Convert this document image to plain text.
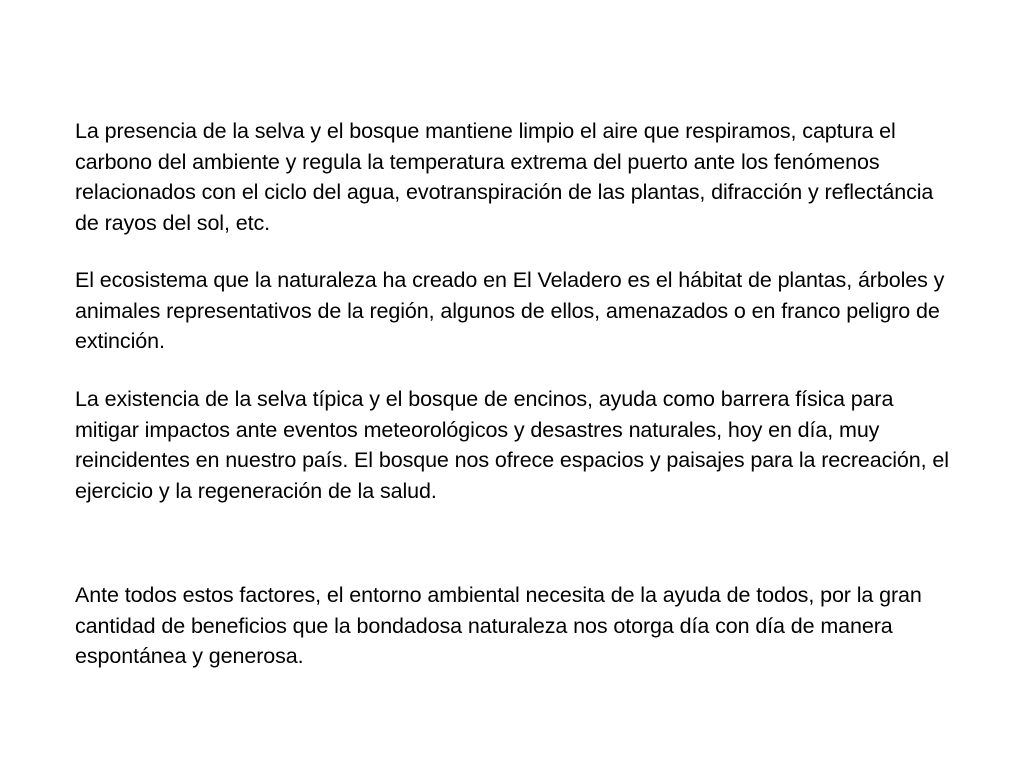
La presencia de la selva y el bosque mantiene limpio el aire que respiramos, captura el carbono del ambiente y regula la temperatura extrema del puerto ante los fenómenos relacionados con el ciclo del agua, evotranspiración de las plantas, difracción y reflectáncia de rayos del sol, etc.

El ecosistema que la naturaleza ha creado en El Veladero es el hábitat de plantas, árboles y animales representativos de la región, algunos de ellos, amenazados o en franco peligro de extinción.

La existencia de la selva típica y el bosque de encinos, ayuda como barrera física para mitigar impactos ante eventos meteorológicos y desastres naturales, hoy en día, muy reincidentes en nuestro país. El bosque nos ofrece espacios y paisajes para la recreación, el ejercicio y la regeneración de la salud.

Ante todos estos factores, el entorno ambiental necesita de la ayuda de todos, por la gran cantidad de beneficios que la bondadosa naturaleza nos otorga día con día de manera espontánea y generosa.
